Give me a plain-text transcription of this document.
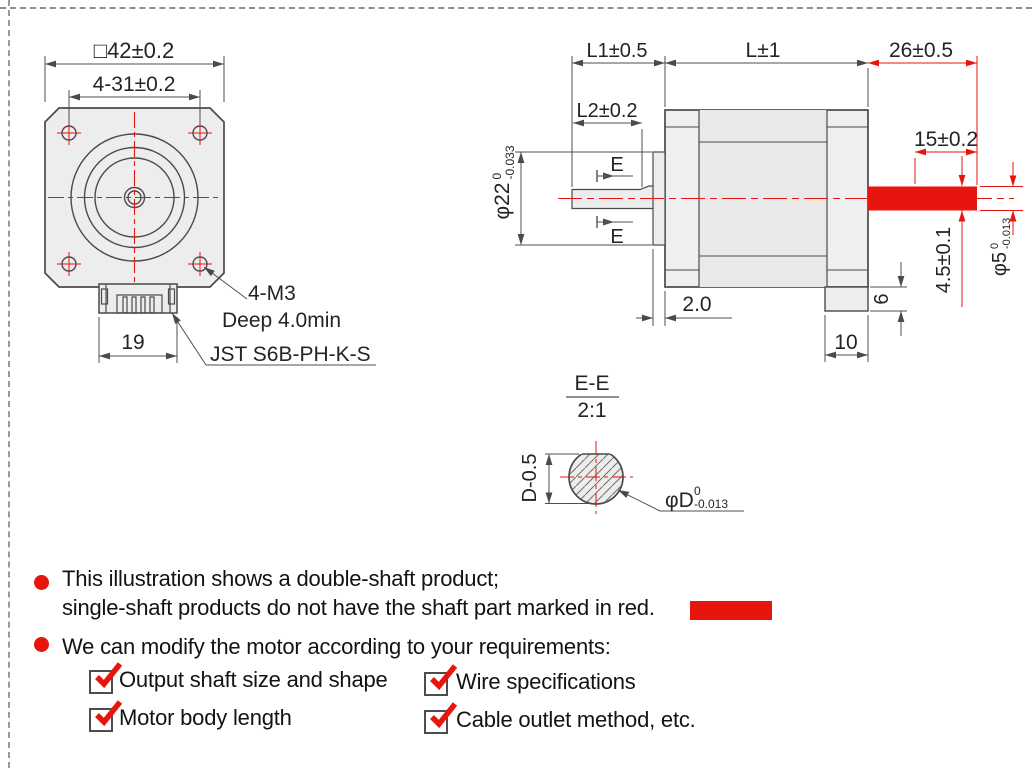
□42±0.2
4-31±0.2
19
4-M3
Deep 4.0min
JST S6B-PH-K-S
L1±0.5	L±1
L2±0.2
E
E
2.0
10
φ22
0 -0.033
6
26±0.5
15±0.2
4.5±0.1 φ5
0 -0.013
E-E
2:1
D-0.5	φD 0
-0.013
This illustration shows a double-shaft product;
single-shaft products do not have the shaft part marked in red.
We can modify the motor according to your requirements:
Output shaft size and shape	Wire specifications
Motor body length	Cable outlet method, etc.
